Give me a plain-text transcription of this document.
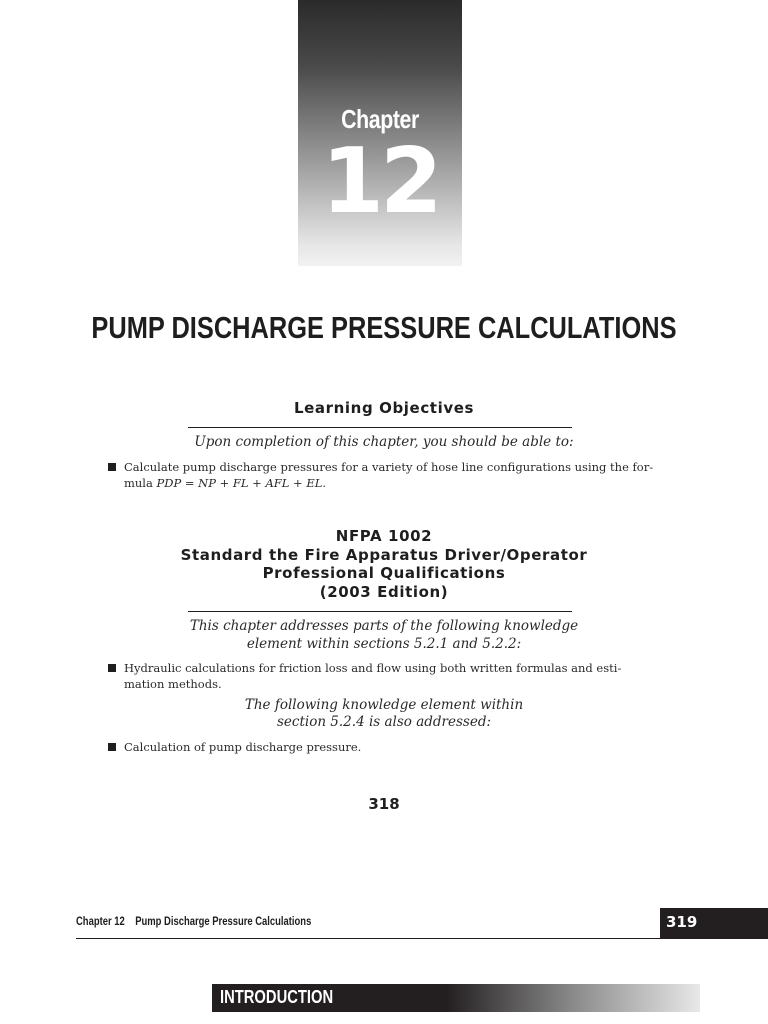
Chapter
12
PUMP DISCHARGE PRESSURE CALCULATIONS
Learning Objectives
Upon completion of this chapter, you should be able to:
Calculate pump discharge pressures for a variety of hose line configurations using the for-
mula PDP = NP + FL + AFL + EL.
NFPA 1002
Standard the Fire Apparatus Driver/Operator
Professional Qualifications
(2003 Edition)
This chapter addresses parts of the following knowledge
element within sections 5.2.1 and 5.2.2:
Hydraulic calculations for friction loss and flow using both written formulas and esti-
mation methods.
The following knowledge element within
section 5.2.4 is also addressed:
Calculation of pump discharge pressure.
318
Chapter 12 Pump Discharge Pressure Calculations	319
INTRODUCTION
